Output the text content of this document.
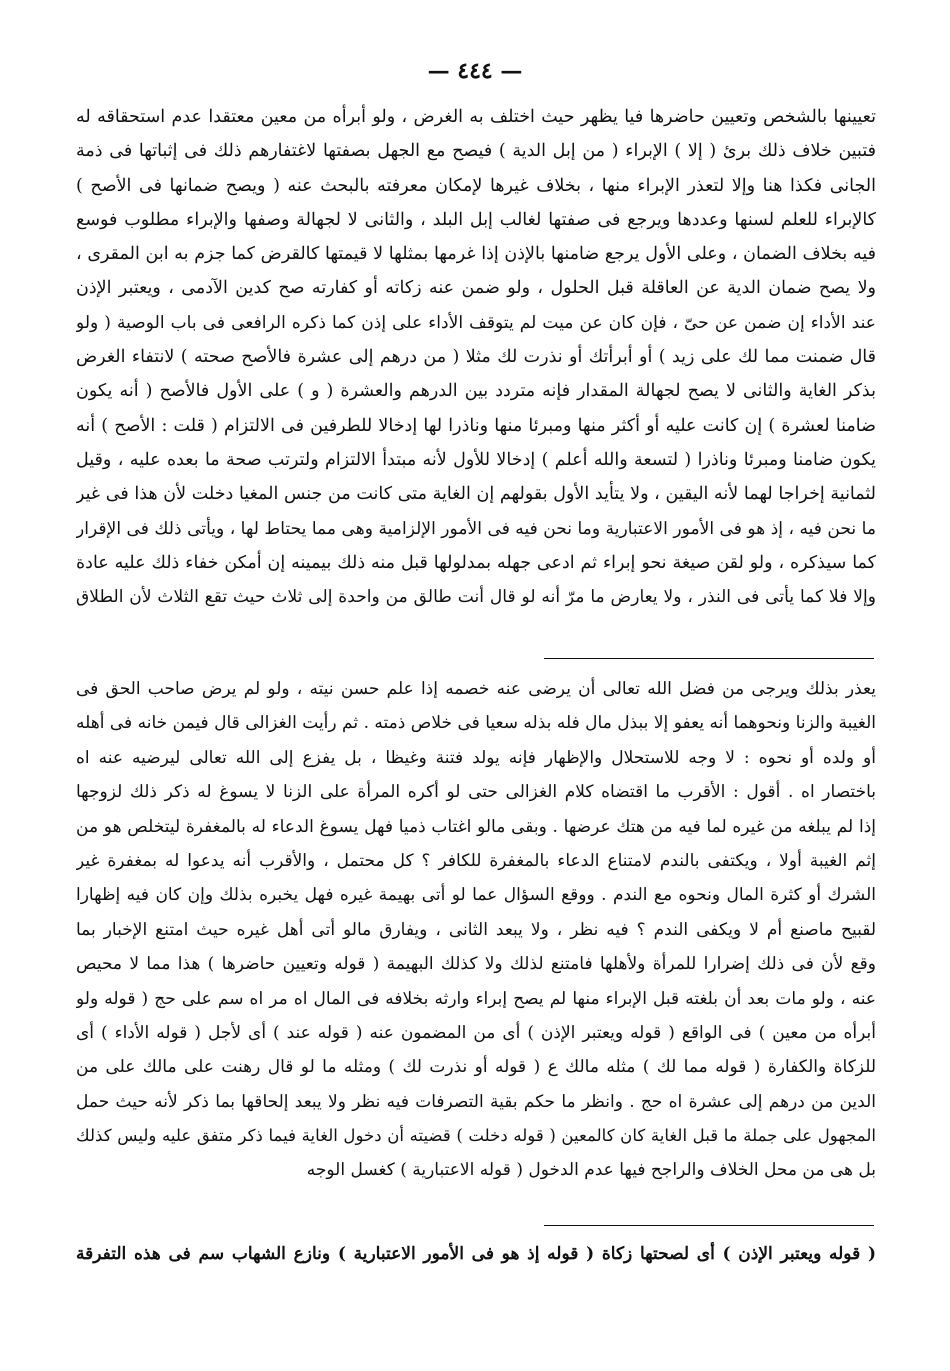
— ٤٤٤ —
تعيينها بالشخص وتعيين حاضرها فيا يظهر حيث اختلف به الغرض ، ولو أبرأه من معين معتقدا عدم استحقاقه له
فتبين خلاف ذلك برئ ( إلا ) الإبراء ( من إبل الدية ) فيصح مع الجهل بصفتها لاغتفارهم ذلك فى إثباتها فى ذمة
الجانى فكذا هنا وإلا لتعذر الإبراء منها ، بخلاف غيرها لإمكان معرفته بالبحث عنه ( ويصح ضمانها فى الأصح )
كالإبراء للعلم لسنها وعددها ويرجع فى صفتها لغالب إبل البلد ، والثانى لا لجهالة وصفها والإبراء مطلوب فوسع
فيه بخلاف الضمان ، وعلى الأول يرجع ضامنها بالإذن إذا غرمها بمثلها لا قيمتها كالقرض كما جزم به ابن المقرى ،
ولا يصح ضمان الدية عن العاقلة قبل الحلول ، ولو ضمن عنه زكاته أو كفارته صح كدين الآدمى ، ويعتبر الإذن
عند الأداء إن ضمن عن حىّ ، فإن كان عن ميت لم يتوقف الأداء على إذن كما ذكره الرافعى فى باب الوصية ( ولو
قال ضمنت مما لك على زيد ) أو أبرأتك أو نذرت لك مثلا ( من درهم إلى عشرة فالأصح صحته ) لانتفاء الغرض
بذكر الغاية والثانى لا يصح لجهالة المقدار فإنه متردد بين الدرهم والعشرة ( و ) على الأول فالأصح ( أنه يكون
ضامنا لعشرة ) إن كانت عليه أو أكثر منها ومبرئا منها وناذرا لها إدخالا للطرفين فى الالتزام ( قلت : الأصح ) أنه
يكون ضامنا ومبرئا وناذرا ( لتسعة والله أعلم ) إدخالا للأول لأنه مبتدأ الالتزام ولترتب صحة ما بعده عليه ، وقيل
لثمانية إخراجا لهما لأنه اليقين ، ولا يتأيد الأول بقولهم إن الغاية متى كانت من جنس المغيا دخلت لأن هذا فى غير
ما نحن فيه ، إذ هو فى الأمور الاعتبارية وما نحن فيه فى الأمور الإلزامية وهى مما يحتاط لها ، ويأتى ذلك فى الإقرار
كما سيذكره ، ولو لقن صيغة نحو إبراء ثم ادعى جهله بمدلولها قبل منه ذلك بيمينه إن أمكن خفاء ذلك عليه عادة
وإلا فلا كما يأتى فى النذر ، ولا يعارض ما مرّ أنه لو قال أنت طالق من واحدة إلى ثلاث حيث تقع الثلاث لأن الطلاق
يعذر بذلك ويرجى من فضل الله تعالى أن يرضى عنه خصمه إذا علم حسن نيته ، ولو لم يرض صاحب الحق فى
الغيبة والزنا ونحوهما أنه يعفو إلا ببذل مال فله بذله سعيا فى خلاص ذمته . ثم رأيت الغزالى قال فيمن خانه فى أهله
أو ولده أو نحوه : لا وجه للاستحلال والإظهار فإنه يولد فتنة وغيظا ، بل يفزع إلى الله تعالى ليرضيه عنه اه
باختصار اه . أقول : الأقرب ما اقتضاه كلام الغزالى حتى لو أكره المرأة على الزنا لا يسوغ له ذكر ذلك لزوجها
إذا لم يبلغه من غيره لما فيه من هتك عرضها . وبقى مالو اغتاب ذميا فهل يسوغ الدعاء له بالمغفرة ليتخلص هو من
إثم الغيبة أولا ، ويكتفى بالندم لامتناع الدعاء بالمغفرة للكافر ؟ كل محتمل ، والأقرب أنه يدعوا له بمغفرة غير
الشرك أو كثرة المال ونحوه مع الندم . ووقع السؤال عما لو أتى بهيمة غيره فهل يخبره بذلك وإن كان فيه إظهارا
لقبيح ماصنع أم لا ويكفى الندم ؟ فيه نظر ، ولا يبعد الثانى ، ويفارق مالو أتى أهل غيره حيث امتنع الإخبار بما
وقع لأن فى ذلك إضرارا للمرأة ولأهلها فامتنع لذلك ولا كذلك البهيمة ( قوله وتعيين حاضرها ) هذا مما لا محيص
عنه ، ولو مات بعد أن بلغته قبل الإبراء منها لم يصح إبراء وارثه بخلافه فى المال اه مر اه سم على حج ( قوله ولو
أبرأه من معين ) فى الواقع ( قوله ويعتبر الإذن ) أى من المضمون عنه ( قوله عند ) أى لأجل ( قوله الأداء ) أى
للزكاة والكفارة ( قوله مما لك ) مثله مالك ع ( قوله أو نذرت لك ) ومثله ما لو قال رهنت على مالك على من
الدين من درهم إلى عشرة اه حج . وانظر ما حكم بقية التصرفات فيه نظر ولا يبعد إلحاقها بما ذكر لأنه حيث حمل
المجهول على جملة ما قبل الغاية كان كالمعين ( قوله دخلت ) قضيته أن دخول الغاية فيما ذكر متفق عليه وليس كذلك
بل هى من محل الخلاف والراجح فيها عدم الدخول ( قوله الاعتبارية ) كغسل الوجه
( قوله ويعتبر الإذن ) أى لصحتها زكاة ( قوله إذ هو فى الأمور الاعتبارية ) ونازع الشهاب سم فى هذه التفرقة
